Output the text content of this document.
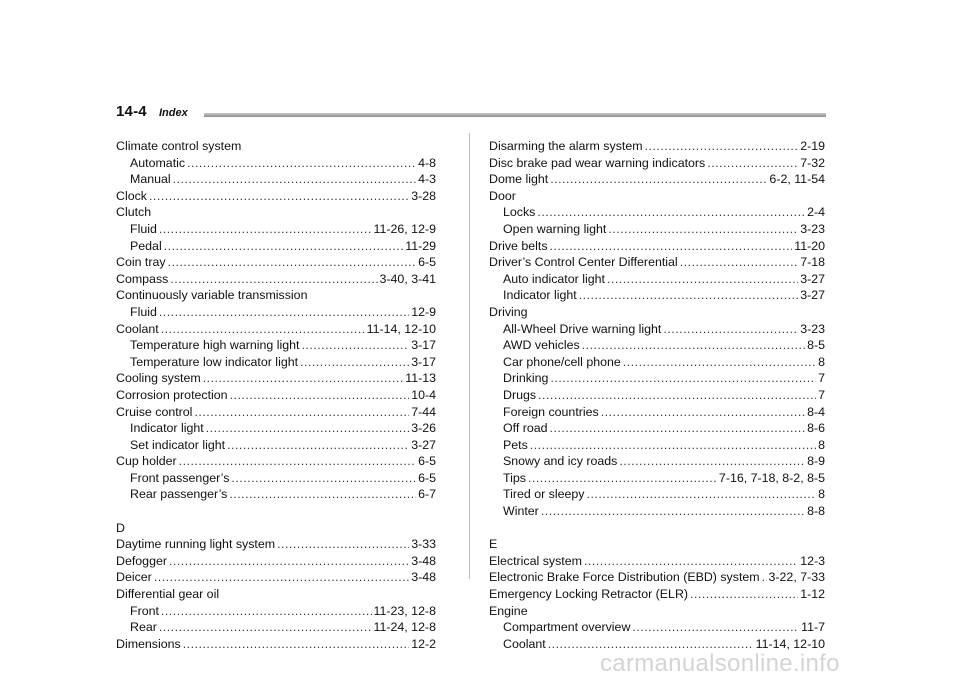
14-4 Index
Climate control system
Automatic .....	4-8
Manual .....	4-3
Clock .....	3-28
Clutch
Fluid .....	11-26, 12-9
Pedal .....	11-29
Coin tray .....	6-5
Compass .....	3-40, 3-41
Continuously variable transmission
Fluid .....	12-9
Coolant .....	11-14, 12-10
Temperature high warning light .....	3-17
Temperature low indicator light .....	3-17
Cooling system .....	11-13
Corrosion protection .....	10-4
Cruise control .....	7-44
Indicator light .....	3-26
Set indicator light .....	3-27
Cup holder .....	6-5
Front passenger’s .....	6-5
Rear passenger’s .....	6-7
D
Daytime running light system .....	3-33
Defogger .....	3-48
Deicer .....	3-48
Differential gear oil
Front .....	11-23, 12-8
Rear .....	11-24, 12-8
Dimensions .....	12-2
Disarming the alarm system .....	2-19
Disc brake pad wear warning indicators .....	7-32
Dome light .....	6-2, 11-54
Door
Locks .....	2-4
Open warning light .....	3-23
Drive belts .....	11-20
Driver’s Control Center Differential .....	7-18
Auto indicator light .....	3-27
Indicator light .....	3-27
Driving
All-Wheel Drive warning light .....	3-23
AWD vehicles .....	8-5
Car phone/cell phone .....	8
Drinking .....	7
Drugs .....	7
Foreign countries .....	8-4
Off road .....	8-6
Pets .....	8
Snowy and icy roads .....	8-9
Tips .....	7-16, 7-18, 8-2, 8-5
Tired or sleepy .....	8
Winter .....	8-8
E
Electrical system .....	12-3
Electronic Brake Force Distribution (EBD) system ..... 3-22, 7-33
Emergency Locking Retractor (ELR) .....	1-12
Engine
Compartment overview .....	11-7
Coolant .....	11-14, 12-10
carmanualsonline.info
